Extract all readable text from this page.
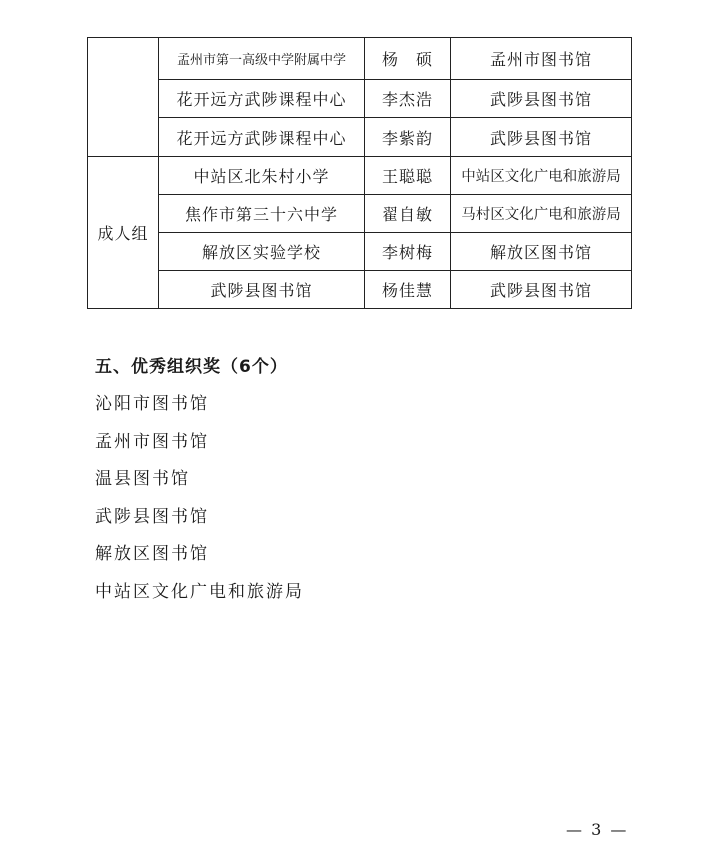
	孟州市第一高级中学附属中学	杨　硕	孟州市图书馆
	花开远方武陟课程中心	李杰浩	武陟县图书馆
	花开远方武陟课程中心	李紫韵	武陟县图书馆
成人组	中站区北朱村小学	王聪聪	中站区文化广电和旅游局
	焦作市第三十六中学	翟自敏	马村区文化广电和旅游局
	解放区实验学校	李树梅	解放区图书馆
	武陟县图书馆	杨佳慧	武陟县图书馆
五、优秀组织奖（6个）
沁阳市图书馆
孟州市图书馆
温县图书馆
武陟县图书馆
解放区图书馆
中站区文化广电和旅游局
— 3 —
